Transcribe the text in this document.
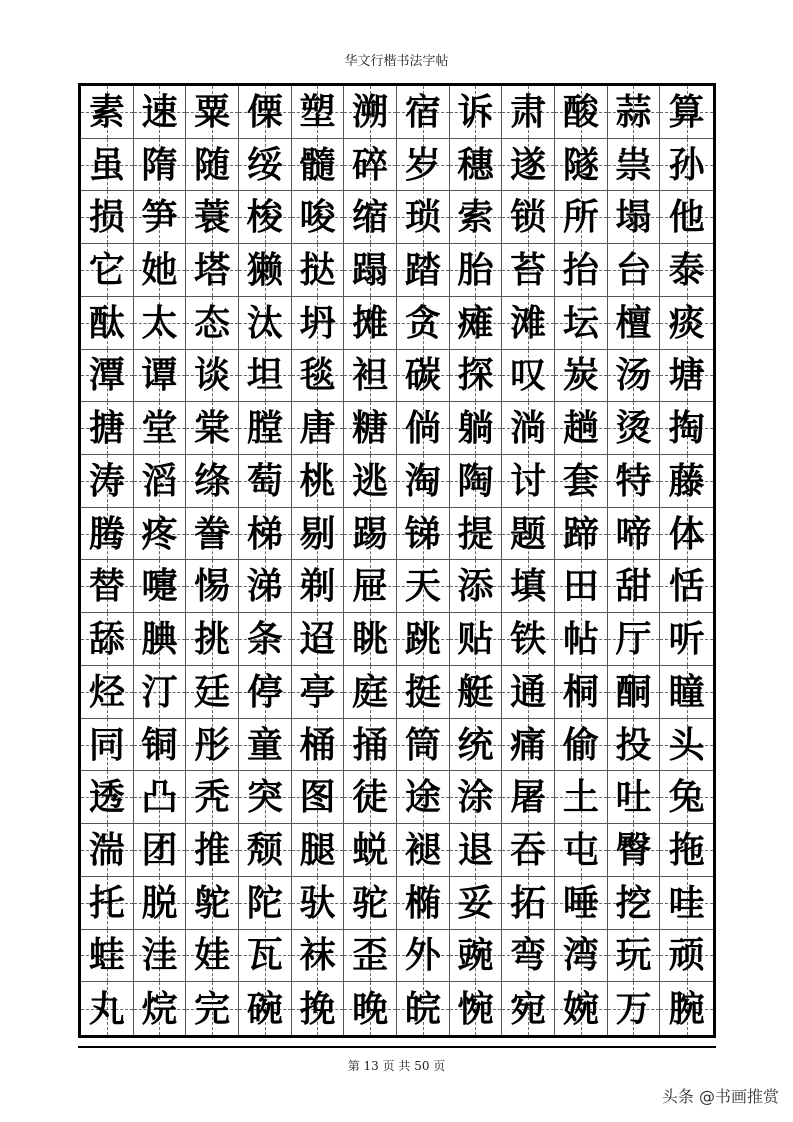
华文行楷书法字帖
素 速 粟 傈 塑 溯 宿 诉 肃 酸 蒜 算
虽 隋 随 绥 髓 碎 岁 穗 遂 隧 祟 孙
损 笋 蓑 梭 唆 缩 琐 索 锁 所 塌 他
它 她 塔 獭 挞 蹋 踏 胎 苔 抬 台 泰
酞 太 态 汰 坍 摊 贪 瘫 滩 坛 檀 痰
潭 谭 谈 坦 毯 袒 碳 探 叹 炭 汤 塘
搪 堂 棠 膛 唐 糖 倘 躺 淌 趟 烫 掏
涛 滔 绦 萄 桃 逃 淘 陶 讨 套 特 藤
腾 疼 誊 梯 剔 踢 锑 提 题 蹄 啼 体
替 嚏 惕 涕 剃 屉 天 添 填 田 甜 恬
舔 腆 挑 条 迢 眺 跳 贴 铁 帖 厅 听
烃 汀 廷 停 亭 庭 挺 艇 通 桐 酮 瞳
同 铜 彤 童 桶 捅 筒 统 痛 偷 投 头
透 凸 秃 突 图 徒 途 涂 屠 土 吐 兔
湍 团 推 颓 腿 蜕 褪 退 吞 屯 臀 拖
托 脱 鸵 陀 驮 驼 椭 妥 拓 唾 挖 哇
蛙 洼 娃 瓦 袜 歪 外 豌 弯 湾 玩 顽
丸 烷 完 碗 挽 晚 皖 惋 宛 婉 万 腕
第 13 页 共 50 页
头条 @书画推赏
